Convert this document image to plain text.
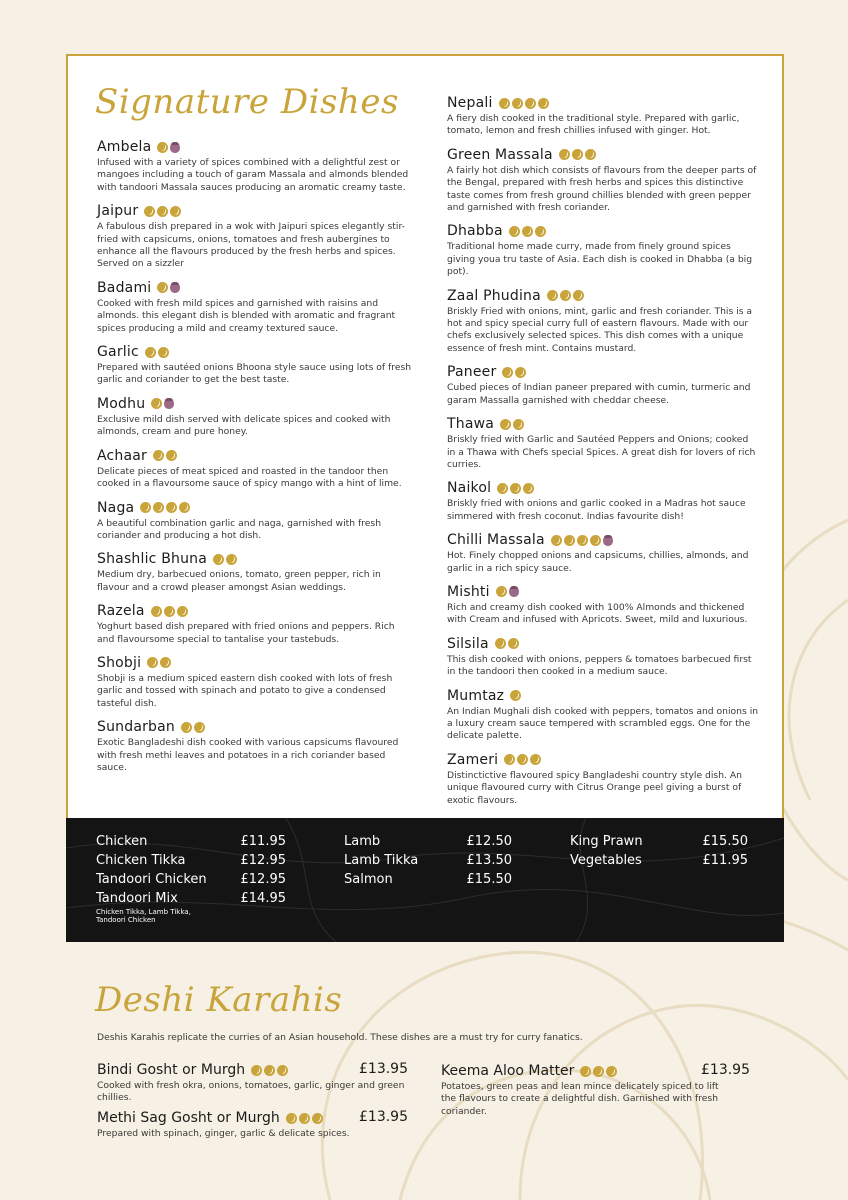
Signature Dishes
Ambela
Infused with a variety of spices combined with a delightful zest or mangoes including a touch of garam Massala and almonds blended with tandoori Massala sauces producing an aromatic creamy taste.
Jaipur
A fabulous dish prepared in a wok with Jaipuri spices elegantly stir-fried with capsicums, onions, tomatoes and fresh aubergines to enhance all the flavours produced by the fresh herbs and spices. Served on a sizzler
Badami
Cooked with fresh mild spices and garnished with raisins and almonds. this elegant dish is blended with aromatic and fragrant spices producing a mild and creamy textured sauce.
Garlic
Prepared with sautéed onions Bhoona style sauce using lots of fresh garlic and coriander to get the best taste.
Modhu
Exclusive mild dish served with delicate spices and cooked with almonds, cream and pure honey.
Achaar
Delicate pieces of meat spiced and roasted in the tandoor then cooked in a flavoursome sauce of spicy mango with a hint of lime.
Naga
A beautiful combination garlic and naga, garnished with fresh coriander and producing a hot dish.
Shashlic Bhuna
Medium dry, barbecued onions, tomato, green pepper, rich in flavour and a crowd pleaser amongst Asian weddings.
Razela
Yoghurt based dish prepared with fried onions and peppers. Rich and flavoursome special to tantalise your tastebuds.
Shobji
Shobji is a medium spiced eastern dish cooked with lots of fresh garlic and tossed with spinach and potato to give a condensed tasteful dish.
Sundarban
Exotic Bangladeshi dish cooked with various capsicums flavoured with fresh methi leaves and potatoes in a rich coriander based sauce.
Nepali
A fiery dish cooked in the traditional style. Prepared with garlic, tomato, lemon and fresh chillies infused with ginger. Hot.
Green Massala
A fairly hot dish which consists of flavours from the deeper parts of the Bengal, prepared with fresh herbs and spices this distinctive taste comes from fresh ground chillies blended with green pepper and garnished with fresh coriander.
Dhabba
Traditional home made curry, made from finely ground spices giving youa tru taste of Asia. Each dish is cooked in Dhabba (a big pot).
Zaal Phudina
Briskly Fried with onions, mint, garlic and fresh coriander. This is a hot and spicy special curry full of eastern flavours. Made with our chefs exclusively selected spices. This dish comes with a unique essence of fresh mint. Contains mustard.
Paneer
Cubed pieces of Indian paneer prepared with cumin, turmeric and garam Massalla garnished with cheddar cheese.
Thawa
Briskly fried with Garlic and Sautéed Peppers and Onions; cooked in a Thawa with Chefs special Spices. A great dish for lovers of rich curries.
Naikol
Briskly fried with onions and garlic cooked in a Madras hot sauce simmered with fresh coconut. Indias favourite dish!
Chilli Massala
Hot. Finely chopped onions and capsicums, chillies, almonds, and garlic in a rich spicy sauce.
Mishti
Rich and creamy dish cooked with 100% Almonds and thickened with Cream and infused with Apricots. Sweet, mild and luxurious.
Silsila
This dish cooked with onions, peppers & tomatoes barbecued first in the tandoori then cooked in a medium sauce.
Mumtaz
An Indian Mughali dish cooked with peppers, tomatos and onions in a luxury cream sauce tempered with scrambled eggs. One for the delicate palette.
Zameri
Distinctictive flavoured spicy Bangladeshi country style dish. An unique flavoured curry with Citrus Orange peel giving a burst of exotic flavours.
Chicken	£11.95
Chicken Tikka	£12.95
Tandoori Chicken	£12.95
Tandoori Mix	£14.95
Chicken Tikka, Lamb Tikka, Tandoori Chicken
Lamb	£12.50
Lamb Tikka	£13.50
Salmon	£15.50
King Prawn	£15.50
Vegetables	£11.95
Deshi Karahis
Deshis Karahis replicate the curries of an Asian household. These dishes are a must try for curry fanatics.
Bindi Gosht or Murgh	£13.95
Cooked with fresh okra, onions, tomatoes, garlic, ginger and green chillies.
Methi Sag Gosht or Murgh	£13.95
Prepared with spinach, ginger, garlic & delicate spices.
Keema Aloo Matter	£13.95
Potatoes, green peas and lean mince delicately spiced to lift the flavours to create a delightful dish. Garnished with fresh coriander.
